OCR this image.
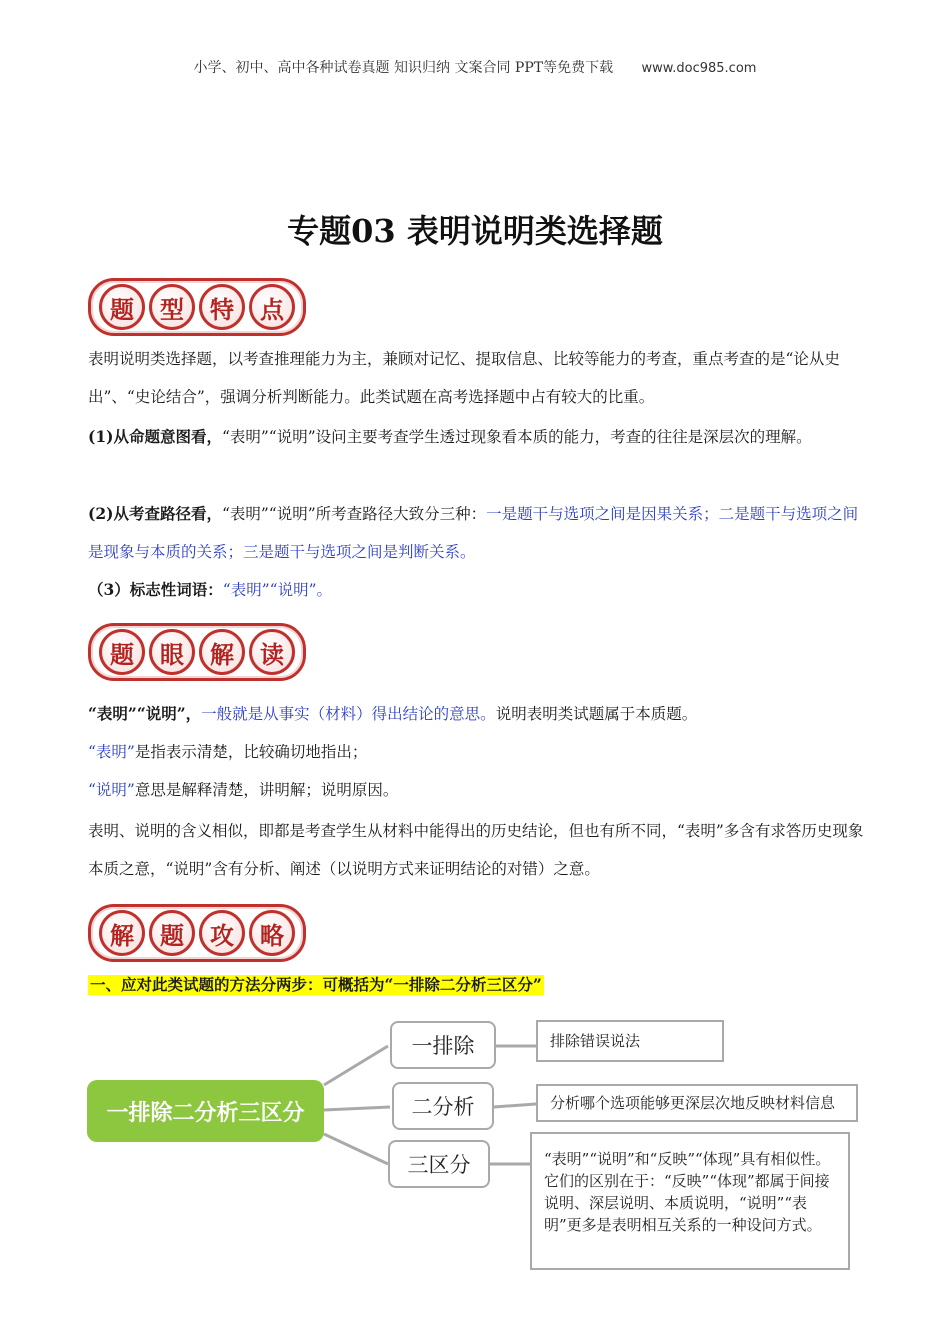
小学、初中、高中各种试卷真题 知识归纳 文案合同 PPT等免费下载 www.doc985.com
专题03 表明说明类选择题
题	型	特	点
表明说明类选择题，以考查推理能力为主，兼顾对记忆、提取信息、比较等能力的考查，重点考查的是“论从史出”、“史论结合”，强调分析判断能力。此类试题在高考选择题中占有较大的比重。
(1)从命题意图看，“表明”“说明”设问主要考查学生透过现象看本质的能力，考查的往往是深层次的理解。
(2)从考查路径看，“表明”“说明”所考查路径大致分三种：一是题干与选项之间是因果关系；二是题干与选项之间是现象与本质的关系；三是题干与选项之间是判断关系。
（3）标志性词语：“表明”“说明”。
题	眼	解	读
“表明”“说明”，一般就是从事实（材料）得出结论的意思。说明表明类试题属于本质题。
“表明”是指表示清楚，比较确切地指出；
“说明”意思是解释清楚，讲明解；说明原因。
表明、说明的含义相似，即都是考查学生从材料中能得出的历史结论，但也有所不同，“表明”多含有求答历史现象本质之意，“说明”含有分析、阐述（以说明方式来证明结论的对错）之意。
解	题	攻	略
一、应对此类试题的方法分两步：可概括为“一排除二分析三区分”
一排除二分析三区分
一排除
二分析
三区分
排除错误说法
分析哪个选项能够更深层次地反映材料信息
“表明”“说明”和“反映”“体现”具有相似性。它们的区别在于：“反映”“体现”都属于间接说明、深层说明、本质说明，“说明”“表明”更多是表明相互关系的一种设问方式。
